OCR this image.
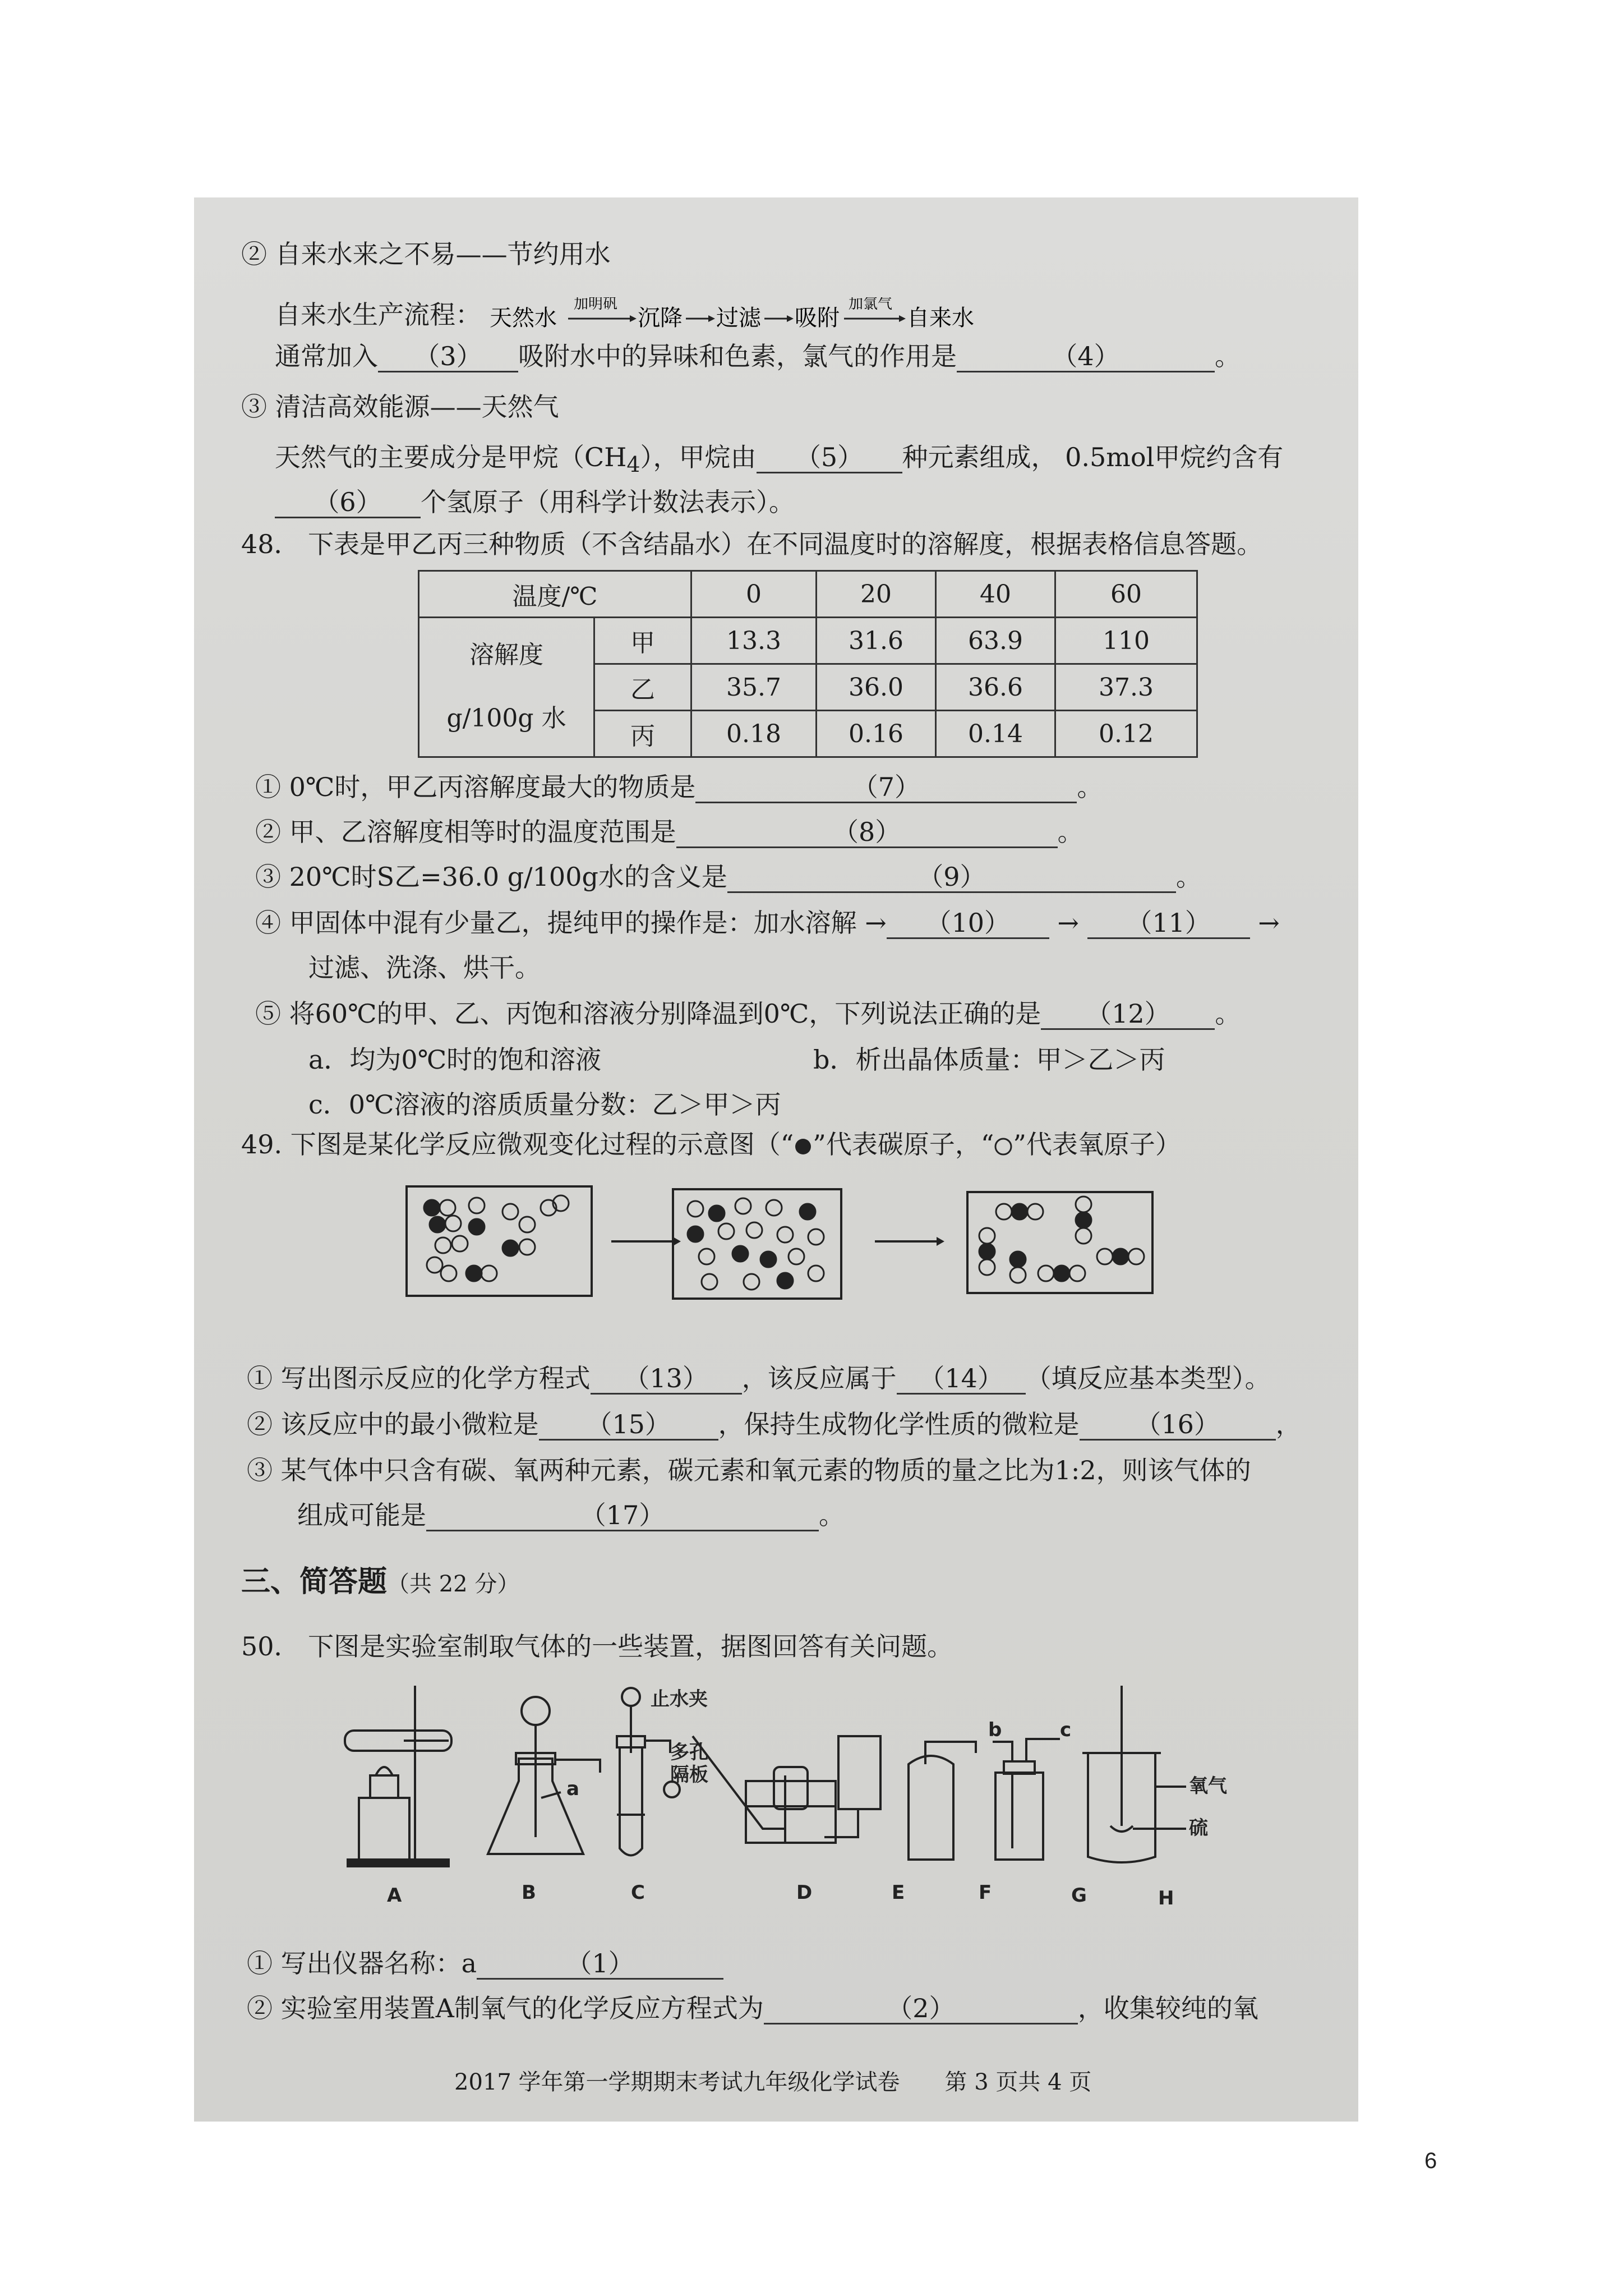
② 自来水来之不易——节约用水
自来水生产流程： 天然水
加明矾
沉降 过滤 吸附
加氯气
自来水
通常加入 （3） 吸附水中的异味和色素，氯气的作用是	（4）	。
③ 清洁高效能源——天然气
天然气的主要成分是甲烷$(CH_4)$，甲烷由 （5） 种元素组成， 0.5mol甲烷约含有
（6） 个氢原子（用科学计数法表示）。
48． 下表是甲乙丙三种物质（不含结晶水）在不同温度时的溶解度，根据表格信息答题。
温度/℃		0	20	40	60

溶解度
g/100g 水	甲	13.3	31.6	63.9	110
	乙	35.7	36.0	36.6	37.3
	丙	0.18	0.16	0.14	0.12
① 0℃时，甲乙丙溶解度最大的物质是	（7）	。
② 甲、乙溶解度相等时的温度范围是	（8）	。
③ 20℃时S乙=36.0 g/100g水的含义是	（9）	。
④ 甲固体中混有少量乙，提纯甲的操作是：加水溶解 → （10） → （11） →
过滤、洗涤、烘干。
⑤ 将60℃的甲、乙、丙饱和溶液分别降温到0℃，下列说法正确的是 （12） 。
a．均为0℃时的饱和溶液	b．析出晶体质量：甲＞乙＞丙
c．0℃溶液的溶质质量分数：乙＞甲＞丙
49. 下图是某化学反应微观变化过程的示意图（“ ”代表碳原子，“ ”代表氧原子）
① 写出图示反应的化学方程式 （13） ，该反应属于 （14） （填反应基本类型）。
② 该反应中的最小微粒是 （15） ，保持生成物化学性质的微粒是 （16） ，
③ 某气体中只含有碳、氧两种元素，碳元素和氧元素的物质的量之比为1:2，则该气体的
组成可能是	（17）	。
三、简答题（共 22 分）
50． 下图是实验室制取气体的一些装置，据图回答有关问题。
A	B	C	D	E	F	G	H
a
止水夹
多孔
隔板
b	c
氧气
硫
① 写出仪器名称：a	（1）
② 实验室用装置A制氧气的化学反应方程式为	（2）	，收集较纯的氧
2017 学年第一学期期末考试九年级化学试卷　　第 3 页共 4 页
6
